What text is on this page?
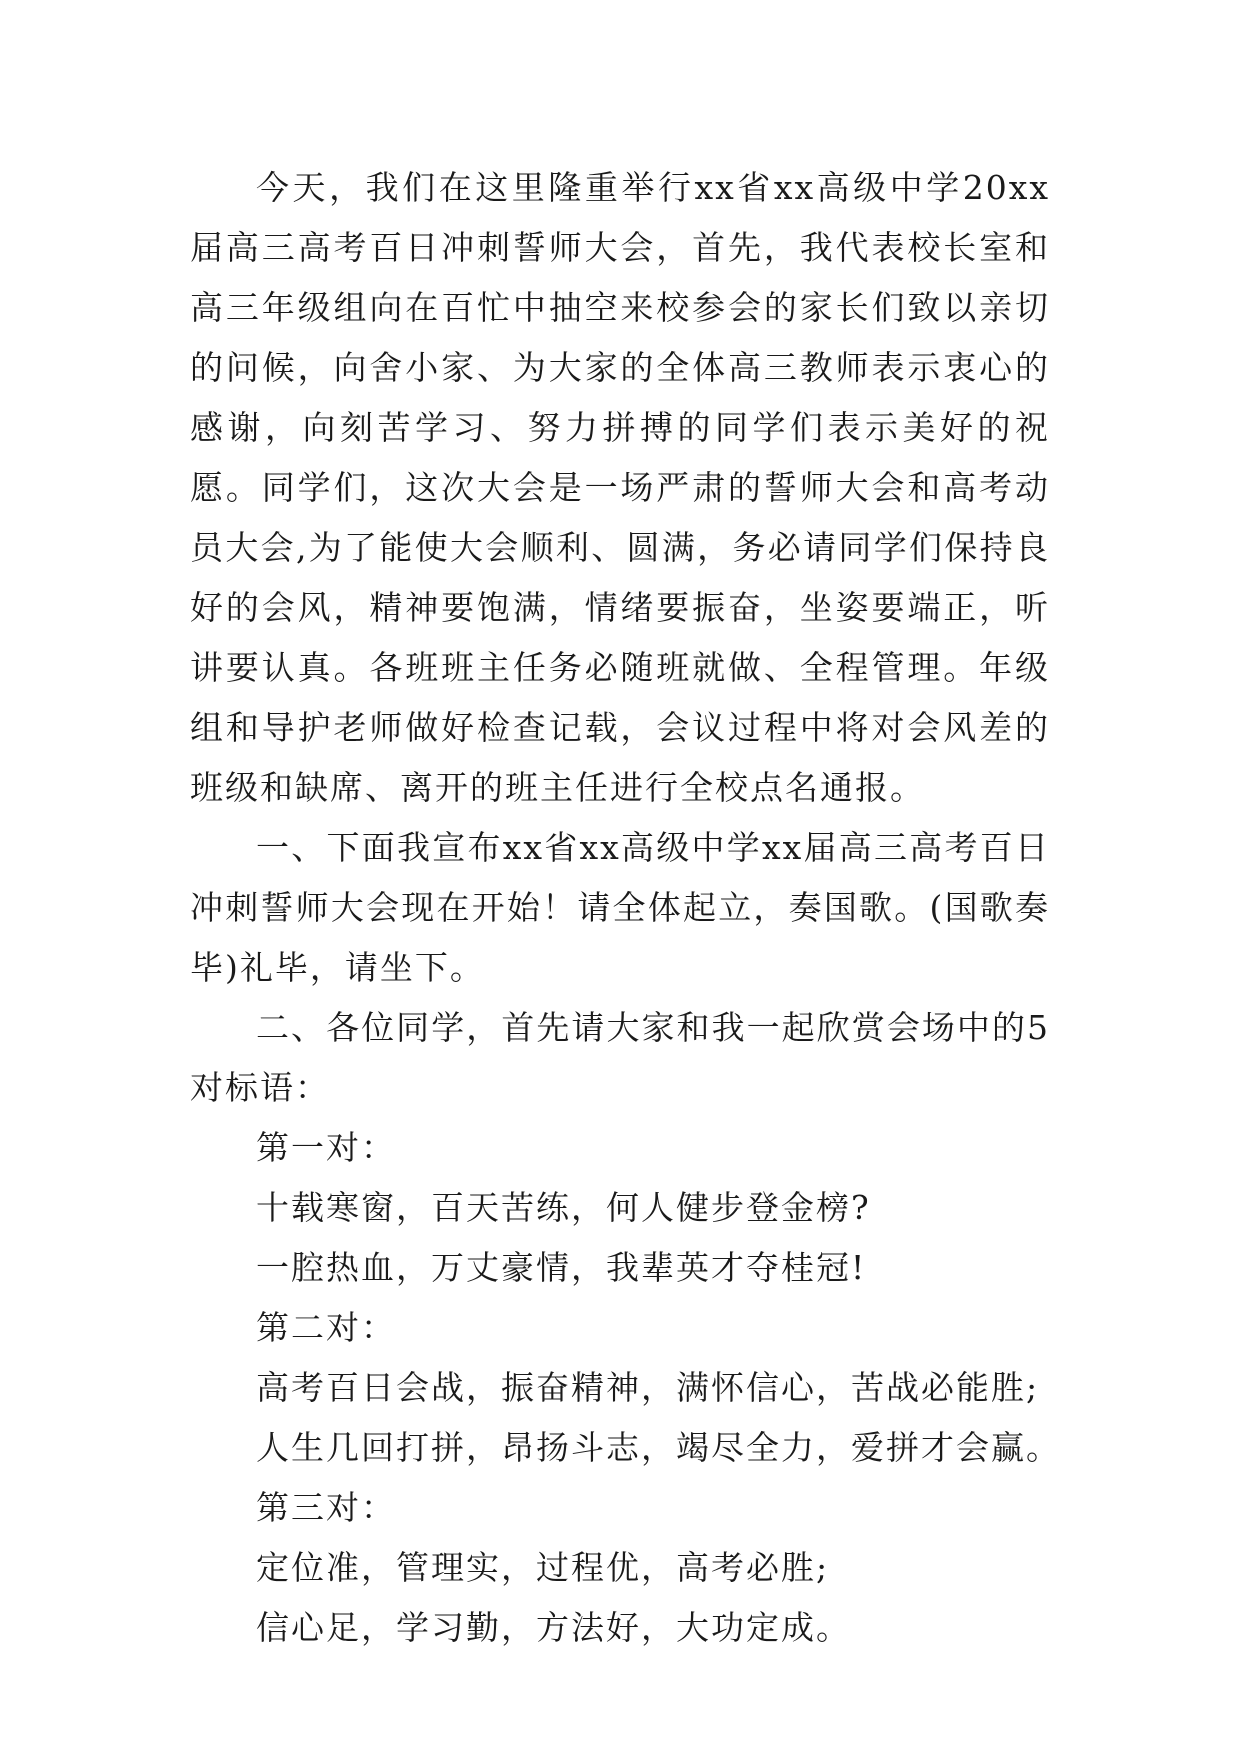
今天，我们在这里隆重举行xx省xx高级中学20xx届高三高考百日冲刺誓师大会，首先，我代表校长室和高三年级组向在百忙中抽空来校参会的家长们致以亲切的问候，向舍小家、为大家的全体高三教师表示衷心的感谢，向刻苦学习、努力拼搏的同学们表示美好的祝愿。同学们，这次大会是一场严肃的誓师大会和高考动员大会,为了能使大会顺利、圆满，务必请同学们保持良好的会风，精神要饱满，情绪要振奋，坐姿要端正，听讲要认真。各班班主任务必随班就做、全程管理。年级组和导护老师做好检查记载，会议过程中将对会风差的班级和缺席、离开的班主任进行全校点名通报。

一、下面我宣布xx省xx高级中学xx届高三高考百日冲刺誓师大会现在开始！请全体起立，奏国歌。(国歌奏毕)礼毕，请坐下。

二、各位同学，首先请大家和我一起欣赏会场中的5对标语：

第一对：

十载寒窗，百天苦练，何人健步登金榜?

一腔热血，万丈豪情，我辈英才夺桂冠!

第二对：

高考百日会战，振奋精神，满怀信心，苦战必能胜;

人生几回打拼，昂扬斗志，竭尽全力，爱拼才会赢。

第三对：

定位准，管理实，过程优，高考必胜;

信心足，学习勤，方法好，大功定成。
